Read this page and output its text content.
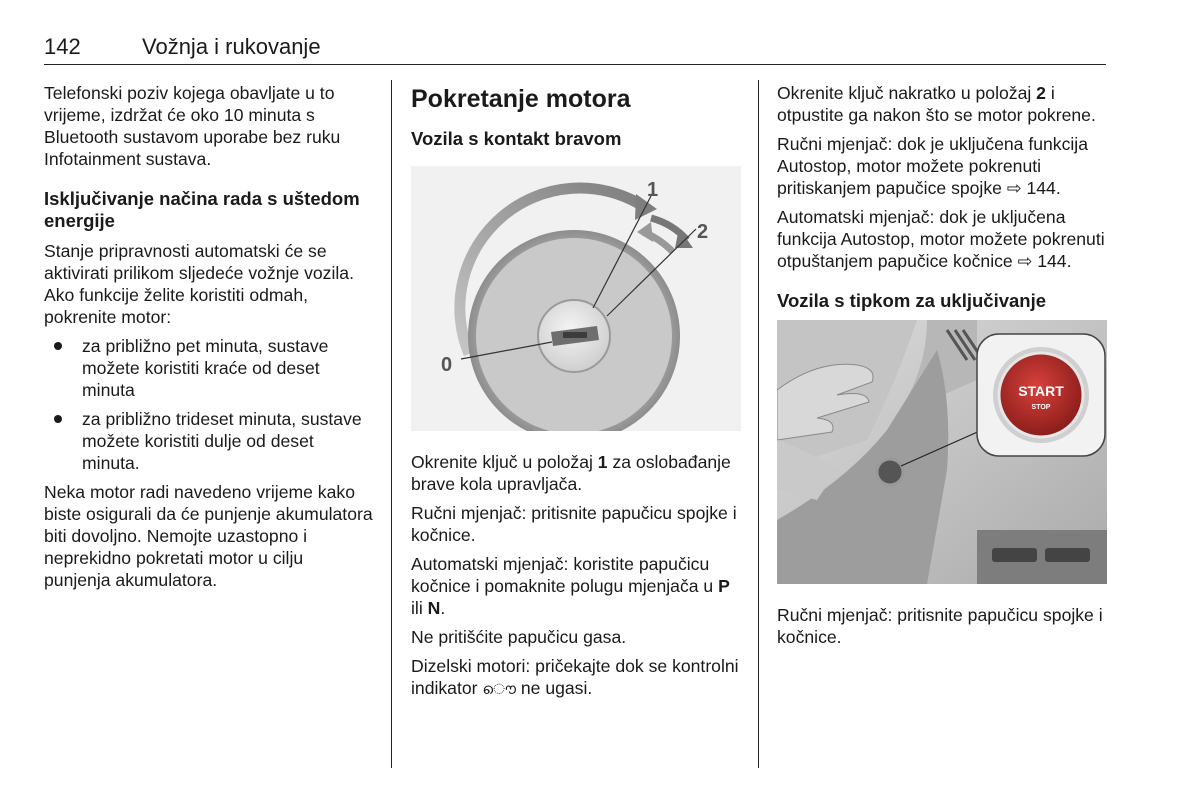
142	Vožnja i rukovanje

Telefonski poziv kojega obavljate u to vrijeme, izdržat će oko 10 minuta s Bluetooth sustavom uporabe bez ruku Infotainment sustava.

Isključivanje načina rada s uštedom energije

Stanje pripravnosti automatski će se aktivirati prilikom sljedeće vožnje vozila. Ako funkcije želite koristiti odmah, pokrenite motor:

za približno pet minuta, sustave možete koristiti kraće od deset minuta
za približno trideset minuta, sustave možete koristiti dulje od deset minuta.

Neka motor radi navedeno vrijeme kako biste osigurali da će punjenje akumulatora biti dovoljno. Nemojte uzastopno i neprekidno pokretati motor u cilju punjenja akumulatora.

Pokretanje motora
Vozila s kontakt bravom
0
1
2

Okrenite ključ u položaj 1 za oslobađanje brave kola upravljača.

Ručni mjenjač: pritisnite papučicu spojke i kočnice.

Automatski mjenjač: koristite papučicu kočnice i pomaknite polugu mjenjača u P ili N.

Ne pritišćite papučicu gasa.

Dizelski motori: pričekajte dok se kontrolni indikator ൌ ne ugasi.

Okrenite ključ nakratko u položaj 2 i otpustite ga nakon što se motor pokrene.

Ručni mjenjač: dok je uključena funkcija Autostop, motor možete pokrenuti pritiskanjem papučice spojke ⇨ 144.

Automatski mjenjač: dok je uključena funkcija Autostop, motor možete pokrenuti otpuštanjem papučice kočnice ⇨ 144.

Vozila s tipkom za uključivanje
START
STOP

Ručni mjenjač: pritisnite papučicu spojke i kočnice.
